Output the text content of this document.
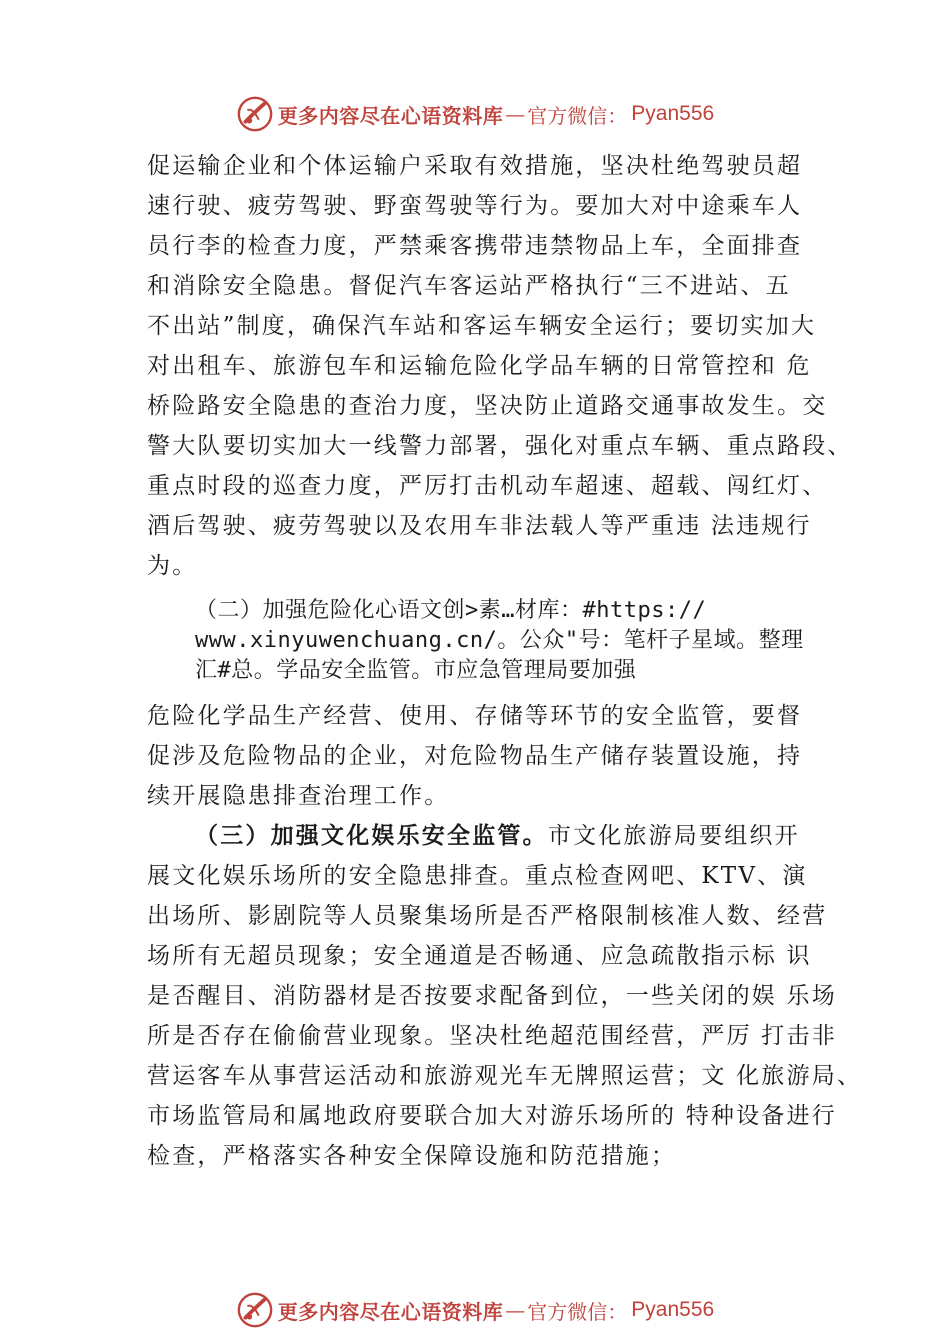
更多内容尽在心语资料库 — 官方微信： Pyan556
促运输企业和个体运输户采取有效措施，坚决杜绝驾驶员超
速行驶、疲劳驾驶、野蛮驾驶等行为。要加大对中途乘车人
员行李的检查力度，严禁乘客携带违禁物品上车，全面排查
和消除安全隐患。督促汽车客运站严格执行“三不进站、五
不出站”制度，确保汽车站和客运车辆安全运行；要切实加大
对出租车、旅游包车和运输危险化学品车辆的日常管控和 危
桥险路安全隐患的查治力度，坚决防止道路交通事故发生。交
警大队要切实加大一线警力部署，强化对重点车辆、重点路段、
重点时段的巡查力度，严厉打击机动车超速、超载、闯红灯、
酒后驾驶、疲劳驾驶以及农用车非法载人等严重违 法违规行
为。
（二）加强危险化心语文创>素…材库：#https://
www.xinyuwenchuang.cn/。公众"号：笔杆子星域。整理
汇#总。学品安全监管。市应急管理局要加强
危险化学品生产经营、使用、存储等环节的安全监管，要督
促涉及危险物品的企业，对危险物品生产储存装置设施，持
续开展隐患排查治理工作。
（三）加强文化娱乐安全监管。市文化旅游局要组织开
展文化娱乐场所的安全隐患排查。重点检查网吧、KTV、演
出场所、影剧院等人员聚集场所是否严格限制核准人数、经营
场所有无超员现象；安全通道是否畅通、应急疏散指示标 识
是否醒目、消防器材是否按要求配备到位，一些关闭的娱 乐场
所是否存在偷偷营业现象。坚决杜绝超范围经营，严厉 打击非
营运客车从事营运活动和旅游观光车无牌照运营；文 化旅游局、
市场监管局和属地政府要联合加大对游乐场所的 特种设备进行
检查，严格落实各种安全保障设施和防范措施；
更多内容尽在心语资料库 — 官方微信： Pyan556
